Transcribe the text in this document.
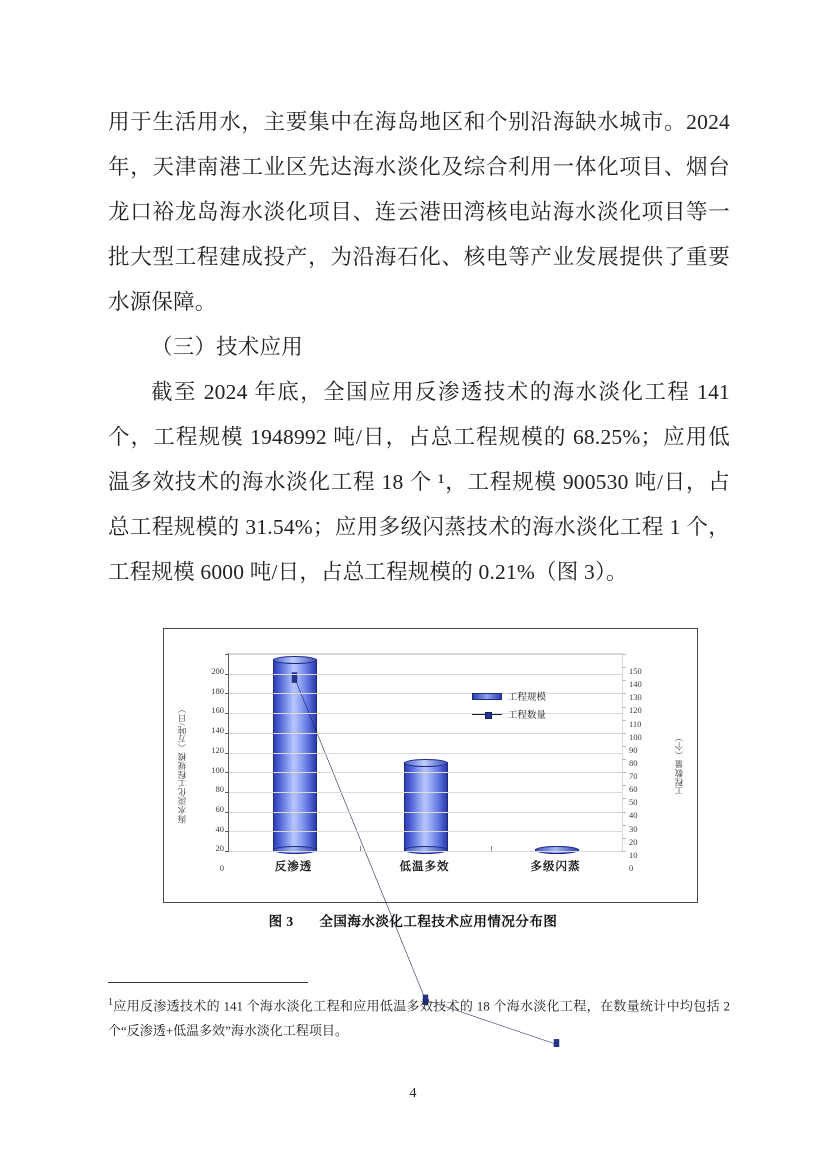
用于生活用水，主要集中在海岛地区和个别沿海缺水城市。2024 年，天津南港工业区先达海水淡化及综合利用一体化项目、烟台龙口裕龙岛海水淡化项目、连云港田湾核电站海水淡化项目等一批大型工程建成投产，为沿海石化、核电等产业发展提供了重要水源保障。

（三）技术应用

截至 2024 年底，全国应用反渗透技术的海水淡化工程 141 个，工程规模 1948992 吨/日，占总工程规模的 68.25%；应用低温多效技术的海水淡化工程 18 个 ¹，工程规模 900530 吨/日，占总工程规模的 31.54%；应用多级闪蒸技术的海水淡化工程 1 个，工程规模 6000 吨/日，占总工程规模的 0.21%（图 3）。

200
180
160
140
120
100
80
60
40
20
0
150
140
130
120
110
100
90
80
70
60
50
40
30
20
10
0
海水淡化工程规模（万吨/日）	工程数量（个）
反渗透	低温多效	多级闪蒸
工程规模
工程数量
图 3 全国海水淡化工程技术应用情况分布图
$^1$应用反渗透技术的 141 个海水淡化工程和应用低温多效技术的 18 个海水淡化工程，在数量统计中均包括 2 个“反渗透+低温多效”海水淡化工程项目。
4
